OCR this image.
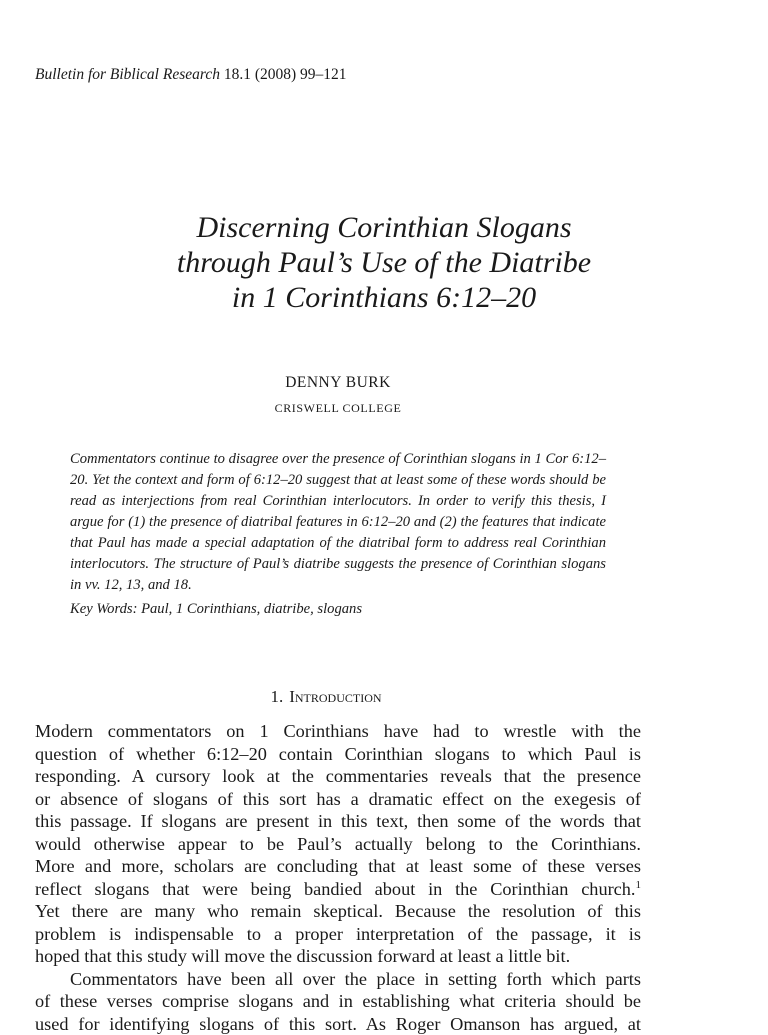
Bulletin for Biblical Research 18.1 (2008) 99–121
Discerning Corinthian Slogans
through Paul’s Use of the Diatribe
in 1 Corinthians 6:12–20
DENNY BURK
CRISWELL COLLEGE
Commentators continue to disagree over the presence of Corinthian slogans in 1 Cor 6:12–20. Yet the context and form of 6:12–20 suggest that at least some of these words should be read as interjections from real Corinthian interlocutors. In order to verify this thesis, I argue for (1) the presence of diatribal features in 6:12–20 and (2) the features that indicate that Paul has made a special adaptation of the diatribal form to address real Corinthian interlocutors. The structure of Paul’s diatribe suggests the presence of Corinthian slogans in vv. 12, 13, and 18.
Key Words: Paul, 1 Corinthians, diatribe, slogans
1. Introduction
Modern commentators on 1 Corinthians have had to wrestle with the
question of whether 6:12–20 contain Corinthian slogans to which Paul is
responding. A cursory look at the commentaries reveals that the presence
or absence of slogans of this sort has a dramatic effect on the exegesis of
this passage. If slogans are present in this text, then some of the words that
would otherwise appear to be Paul’s actually belong to the Corinthians.
More and more, scholars are concluding that at least some of these verses
reflect slogans that were being bandied about in the Corinthian church.$^1$
Yet there are many who remain skeptical. Because the resolution of this
problem is indispensable to a proper interpretation of the passage, it is
hoped that this study will move the discussion forward at least a little bit.
Commentators have been all over the place in setting forth which parts
of these verses comprise slogans and in establishing what criteria should be
used for identifying slogans of this sort. As Roger Omanson has argued, at
